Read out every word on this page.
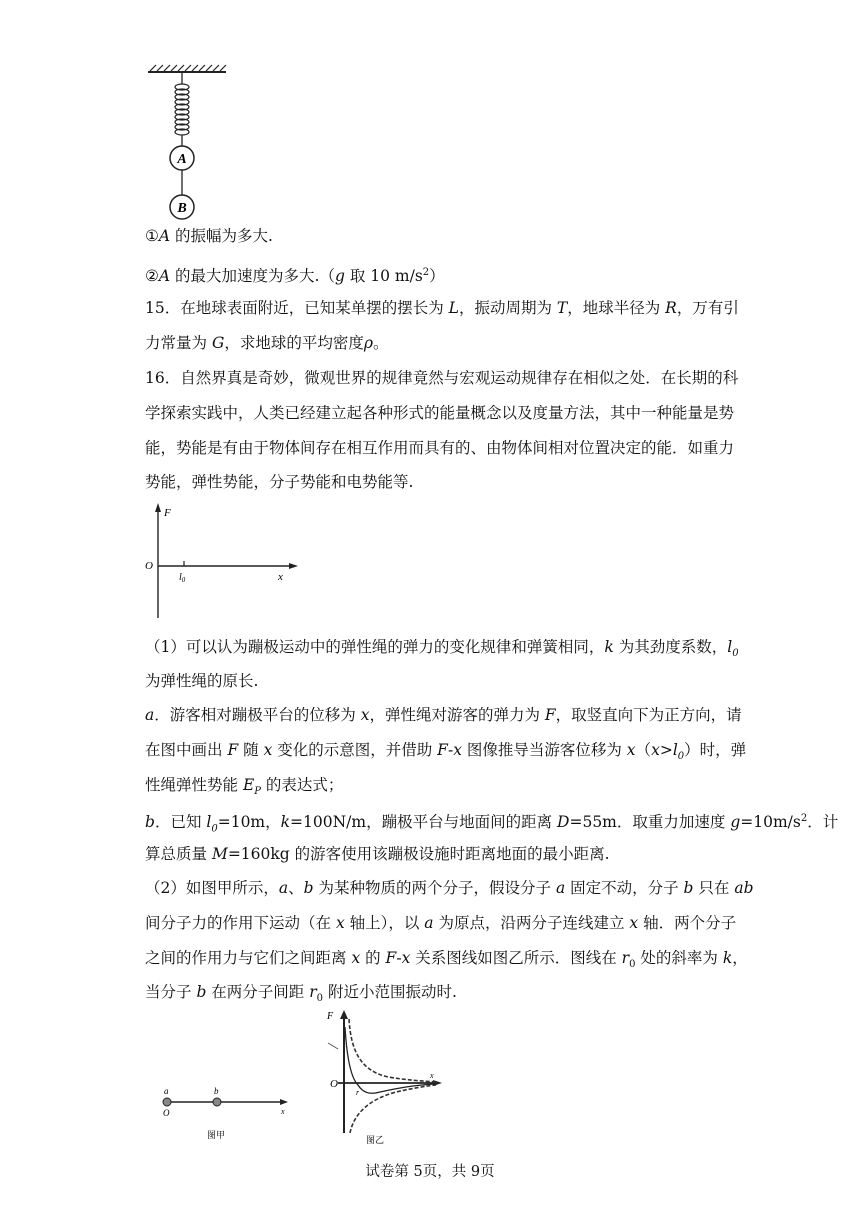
A
B
①A 的振幅为多大.
②A 的最大加速度为多大.（g 取 10 $m/s^2$）
15．在地球表面附近，已知某单摆的摆长为 L，振动周期为 T，地球半径为 R，万有引
力常量为 G，求地球的平均密度ρ。
16．自然界真是奇妙，微观世界的规律竟然与宏观运动规律存在相似之处．在长期的科
学探索实践中，人类已经建立起各种形式的能量概念以及度量方法，其中一种能量是势
能，势能是有由于物体间存在相互作用而具有的、由物体间相对位置决定的能．如重力
势能，弹性势能，分子势能和电势能等.
F
O
$l_0$	x
（1）可以认为蹦极运动中的弹性绳的弹力的变化规律和弹簧相同，k 为其劲度系数，$l_0$
为弹性绳的原长.
a．游客相对蹦极平台的位移为 x，弹性绳对游客的弹力为 F，取竖直向下为正方向，请
在图中画出 F 随 x 变化的示意图，并借助 F-x 图像推导当游客位移为 $x(x>l_0)$时，弹
性绳弹性势能 $E_P$ 的表达式；
b．已知 $l_0=10m$，k=100N/m，蹦极平台与地面间的距离 D=55m．取重力加速度 $g=10m/s^2$．计
算总质量 M=160kg 的游客使用该蹦极设施时距离地面的最小距离.
（2）如图甲所示，a、b 为某种物质的两个分子，假设分子 a 固定不动，分子 b 只在 ab
间分子力的作用下运动（在 x 轴上），以 a 为原点，沿两分子连线建立 x 轴．两个分子
之间的作用力与它们之间距离 x 的 F-x 关系图线如图乙所示．图线在 $r_0$ 处的斜率为 k，
当分子 b 在两分子间距 $r_0$ 附近小范围振动时.
a	b
O	x
图甲
F
O
r
x
图乙
试卷第 5页，共 9页
